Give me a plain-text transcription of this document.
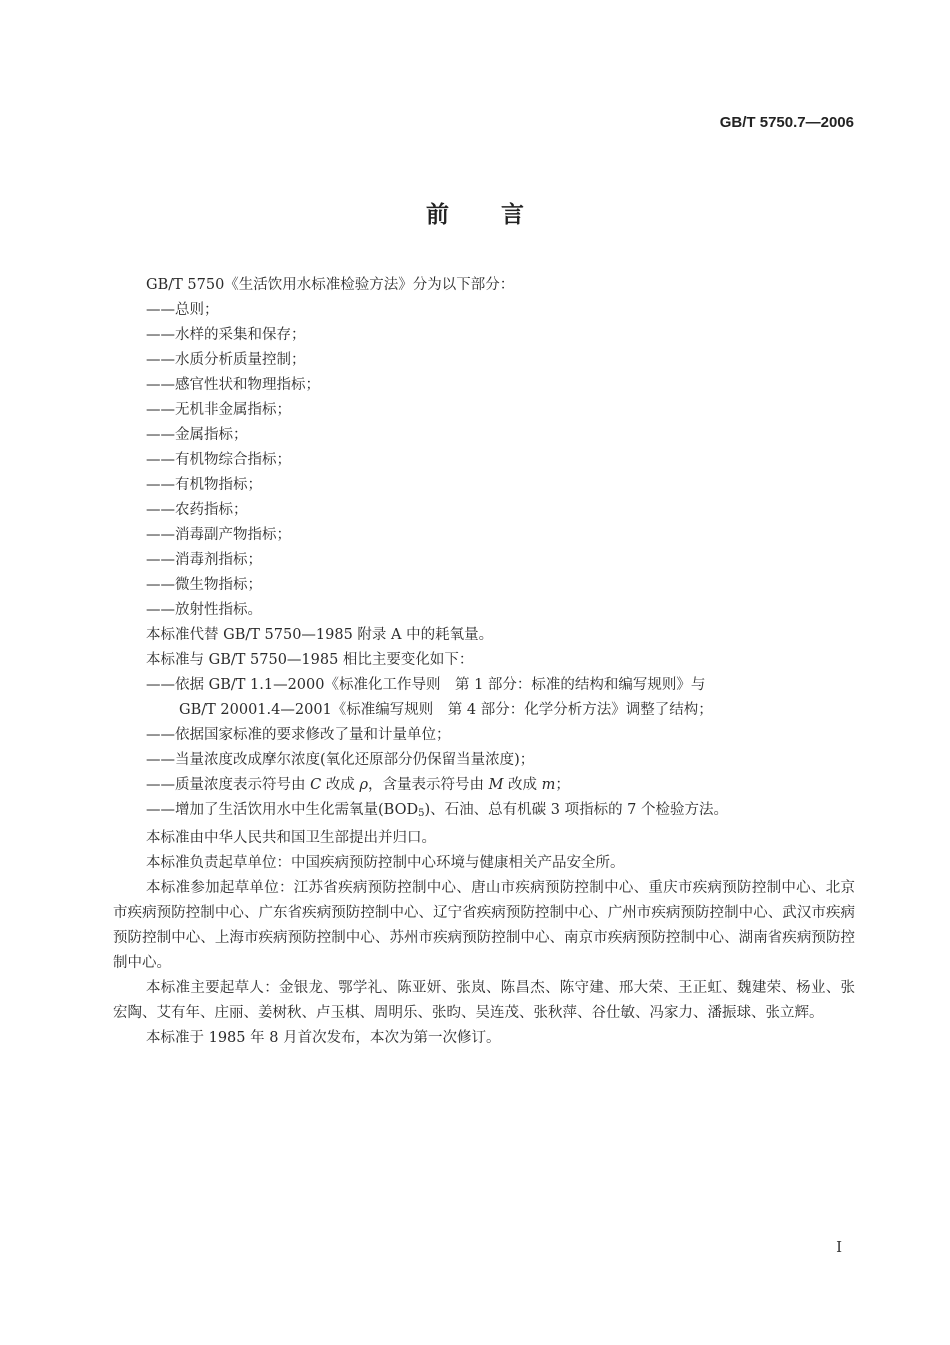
GB/T 5750.7—2006
前言

GB/T 5750《生活饮用水标准检验方法》分为以下部分：

——总则；

——水样的采集和保存；

——水质分析质量控制；

——感官性状和物理指标；

——无机非金属指标；

——金属指标；

——有机物综合指标；

——有机物指标；

——农药指标；

——消毒副产物指标；

——消毒剂指标；

——微生物指标；

——放射性指标。

本标准代替 GB/T 5750—1985 附录 A 中的耗氧量。

本标准与 GB/T 5750—1985 相比主要变化如下：

——依据 GB/T 1.1—2000《标准化工作导则　第 1 部分：标准的结构和编写规则》与

GB/T 20001.4—2001《标准编写规则　第 4 部分：化学分析方法》调整了结构；

——依据国家标准的要求修改了量和计量单位；

——当量浓度改成摩尔浓度(氧化还原部分仍保留当量浓度)；

——质量浓度表示符号由 C 改成 ρ，含量表示符号由 M 改成 m；

——增加了生活饮用水中生化需氧量$(BOD_5)$、石油、总有机碳 3 项指标的 7 个检验方法。

本标准由中华人民共和国卫生部提出并归口。

本标准负责起草单位：中国疾病预防控制中心环境与健康相关产品安全所。

本标准参加起草单位：江苏省疾病预防控制中心、唐山市疾病预防控制中心、重庆市疾病预防控制中心、北京市疾病预防控制中心、广东省疾病预防控制中心、辽宁省疾病预防控制中心、广州市疾病预防控制中心、武汉市疾病预防控制中心、上海市疾病预防控制中心、苏州市疾病预防控制中心、南京市疾病预防控制中心、湖南省疾病预防控制中心。

本标准主要起草人：金银龙、鄂学礼、陈亚妍、张岚、陈昌杰、陈守建、邢大荣、王正虹、魏建荣、杨业、张宏陶、艾有年、庄丽、姜树秋、卢玉棋、周明乐、张昀、吴连茂、张秋萍、谷仕敏、冯家力、潘振球、张立辉。

本标准于 1985 年 8 月首次发布，本次为第一次修订。

I
